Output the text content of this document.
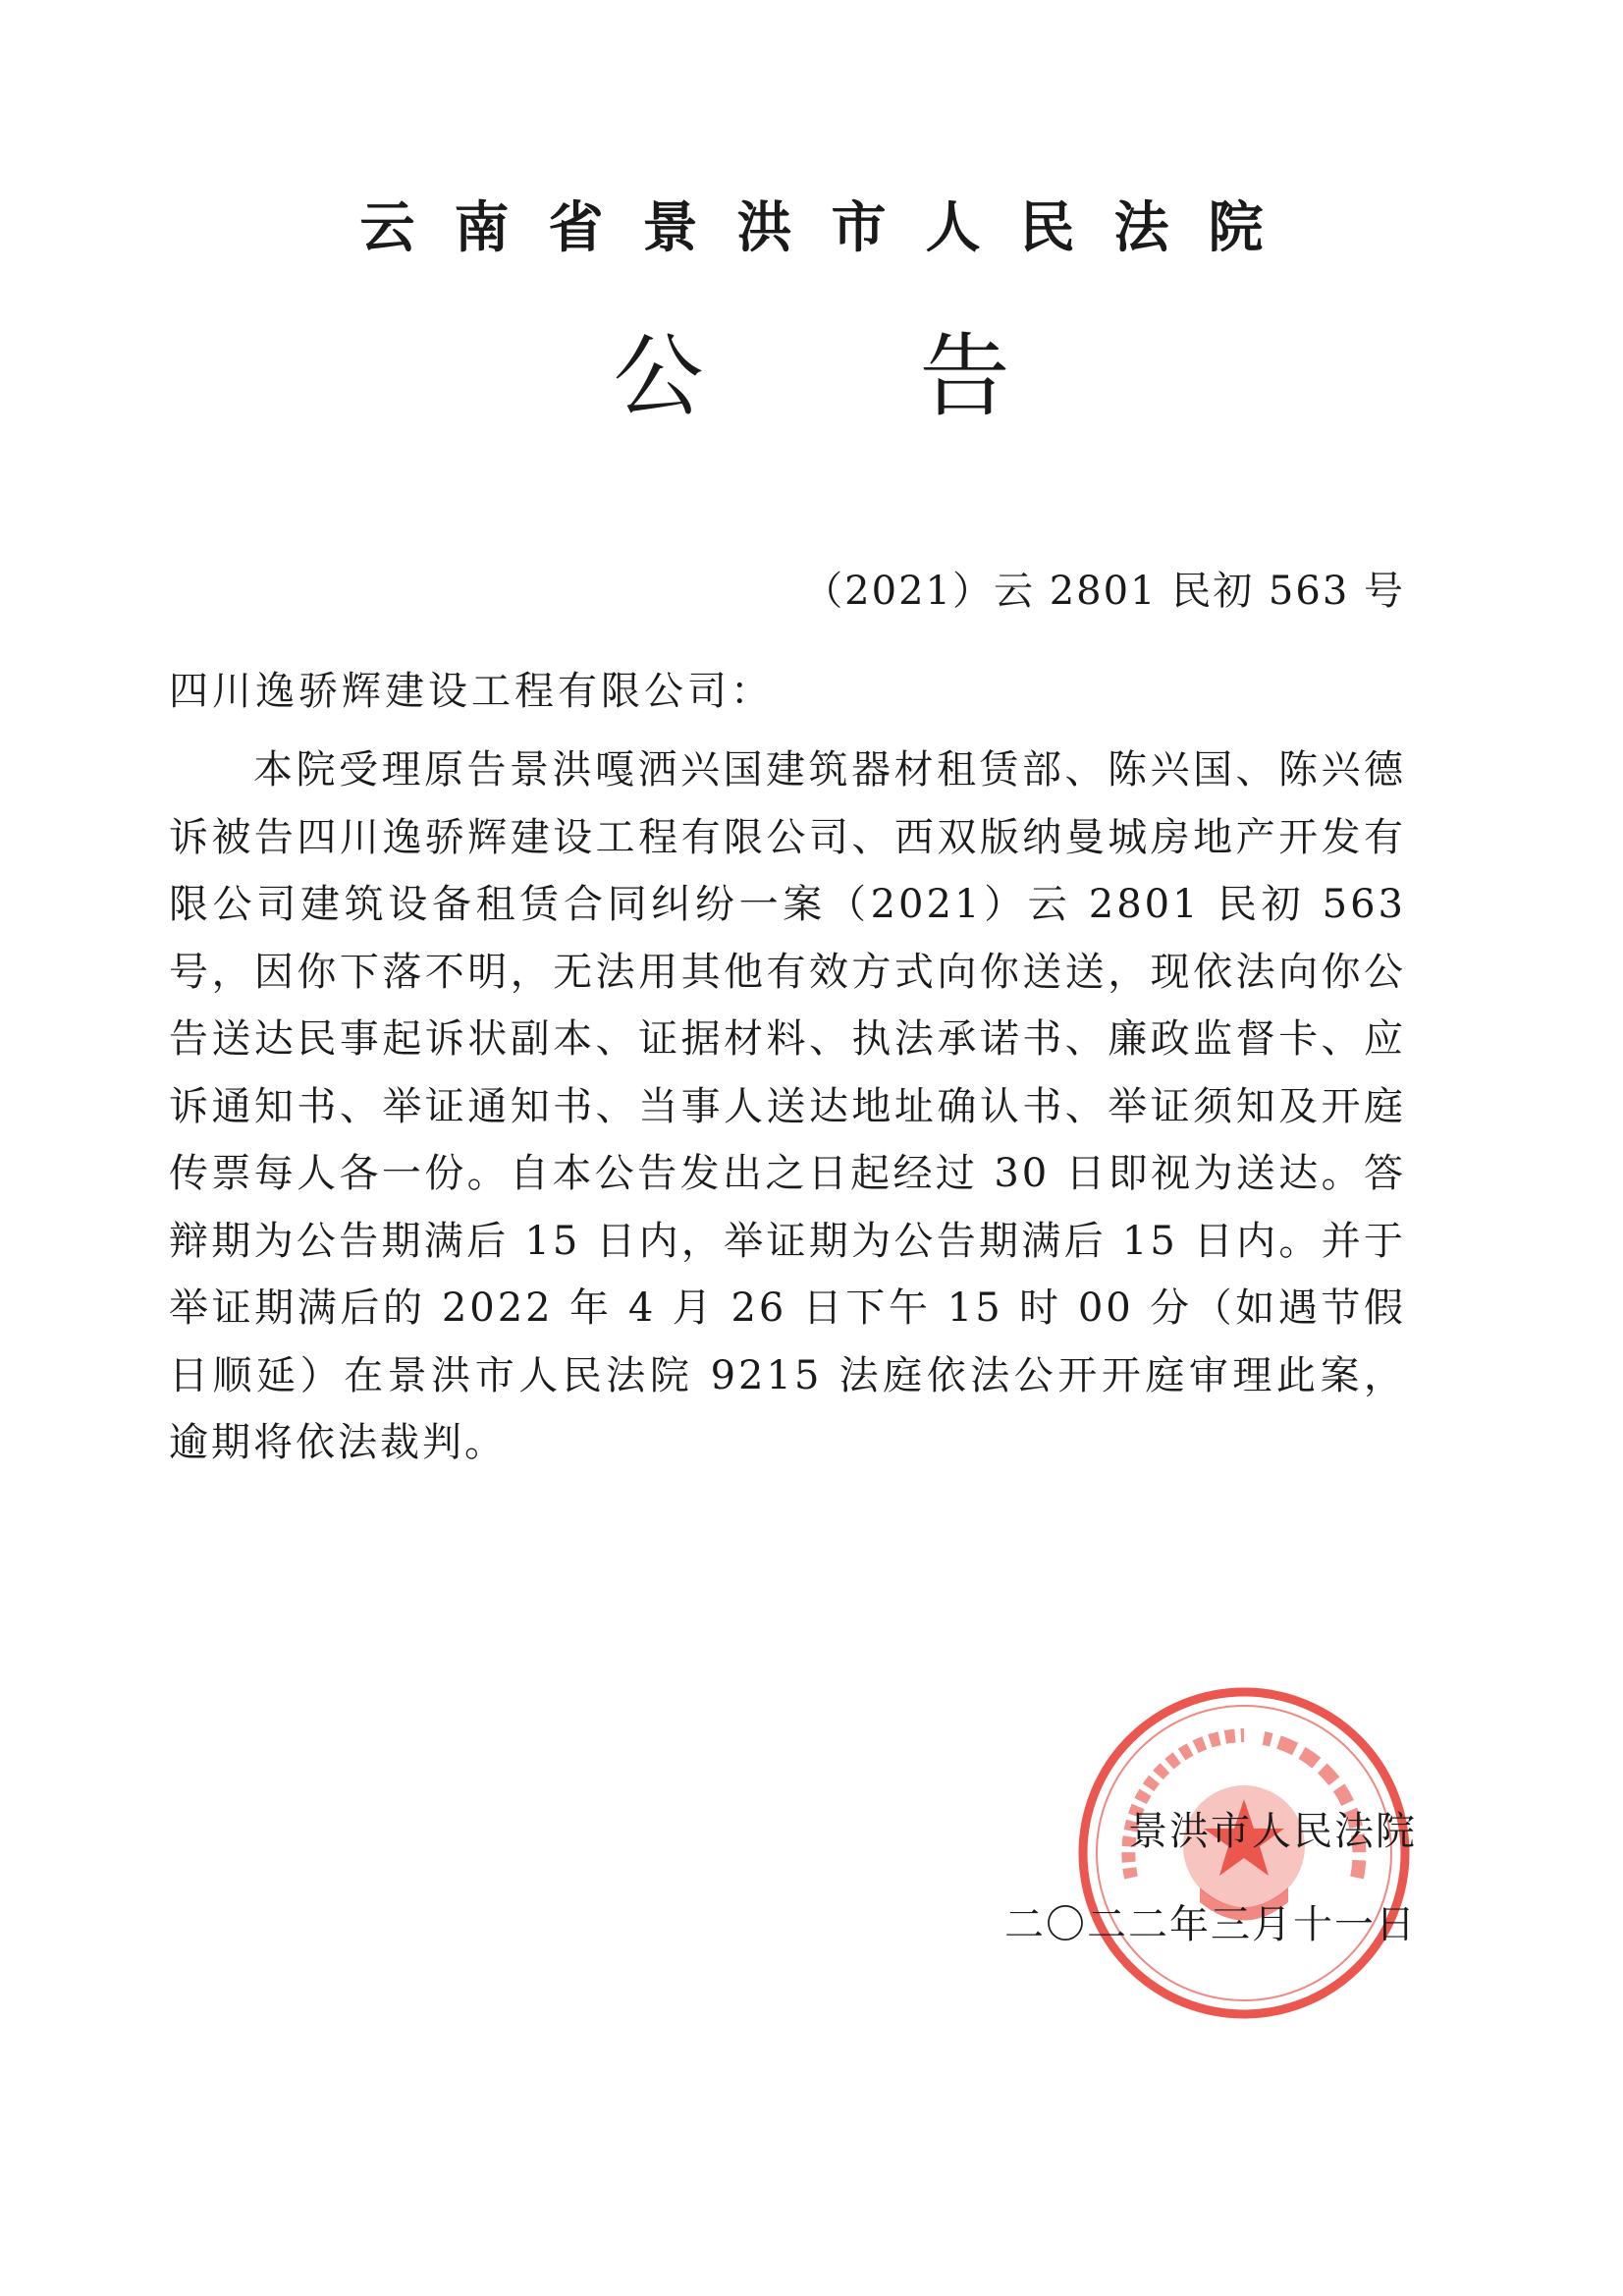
云南省景洪市人民法院
公告
（2021）云 2801 民初 563 号
四川逸骄辉建设工程有限公司：
本院受理原告景洪嘎洒兴国建筑器材租赁部、陈兴国、陈兴德诉被告四川逸骄辉建设工程有限公司、西双版纳曼城房地产开发有限公司建筑设备租赁合同纠纷一案（2021）云 2801 民初 563 号，因你下落不明，无法用其他有效方式向你送送，现依法向你公告送达民事起诉状副本、证据材料、执法承诺书、廉政监督卡、应诉通知书、举证通知书、当事人送达地址确认书、举证须知及开庭传票每人各一份。自本公告发出之日起经过 30 日即视为送达。答辩期为公告期满后 15 日内，举证期为公告期满后 15 日内。并于举证期满后的 2022 年 4 月 26 日下午 15 时 00 分（如遇节假日顺延）在景洪市人民法院 9215 法庭依法公开开庭审理此案，逾期将依法裁判。
景洪市人民法院
二〇二二年三月十一日
